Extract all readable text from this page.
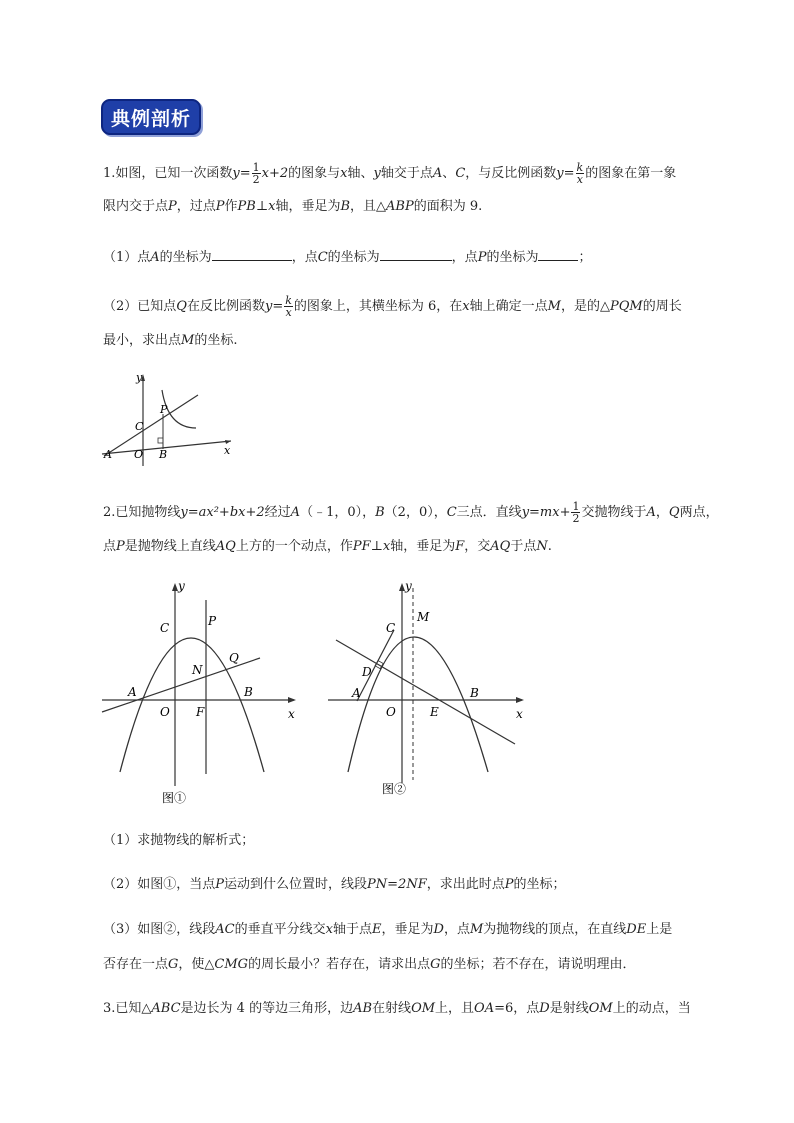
典例剖析
1.如图，已知一次函数$y= \frac{1}{2} x+2$的图象与x轴、y轴交于点A、C，与反比例函数$y= \frac{k}{x}$ 的图象在第一象
限内交于点P，过点P作PB⊥x轴，垂足为B，且△ABP的面积为 9.
（1）点A的坐标为	，点C的坐标为	，点P的坐标为	；
（2）已知点Q在反比例函数$y= \frac{k}{x}$ 的图象上，其横坐标为 6，在x轴上确定一点M，是的△PQM的周长
最小，求出点M的坐标.
y
x
P
C
A O B
2.已知抛物线y=ax²+bx+2经过A（﹣1，0），B（2，0），C三点．直线$y=mx+ \frac{1}{2}$ 交抛物线于A，Q两点，
点P是抛物线上直线AQ上方的一个动点，作PF⊥x轴，垂足为F，交AQ于点N.
y
x
C	P
N
Q
A
O F
B
图①
y
x
C
M
D
A
O	E
B
图②
（1）求抛物线的解析式；
（2）如图①，当点P运动到什么位置时，线段PN=2NF，求出此时点P的坐标；
（3）如图②，线段AC的垂直平分线交x轴于点E，垂足为D，点M为抛物线的顶点，在直线DE上是
否存在一点G，使△CMG的周长最小？若存在，请求出点G的坐标；若不存在，请说明理由．
3.已知△ABC是边长为 4 的等边三角形，边AB在射线OM上，且OA=6，点D是射线OM上的动点，当
